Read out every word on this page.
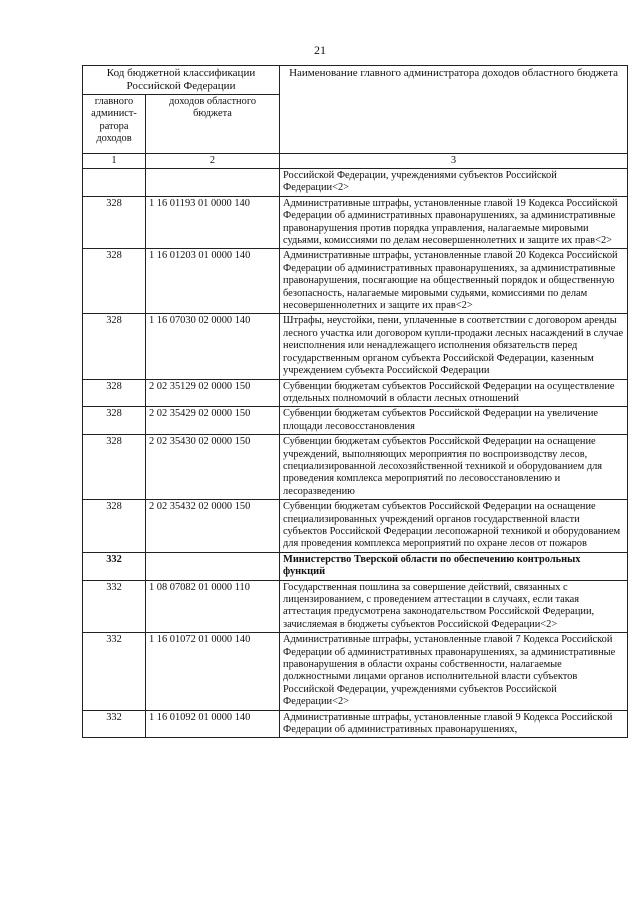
21
Код бюджетной классификации Российской Федерации		Наименование главного администратора доходов областного бюджета
главного админист-ратора доходов	доходов областного бюджета	
1	2	3
		Российской Федерации, учреждениями субъектов Российской Федерации<2>
328	1 16 01193 01 0000 140	Административные штрафы, установленные главой 19 Кодекса Российской Федерации об административных правонарушениях, за административные правонарушения против порядка управления, налагаемые мировыми судьями, комиссиями по делам несовершеннолетних и защите их прав<2>
328	1 16 01203 01 0000 140	Административные штрафы, установленные главой 20 Кодекса Российской Федерации об административных правонарушениях, за административные правонарушения, посягающие на общественный порядок и общественную безопасность, налагаемые мировыми судьями, комиссиями по делам несовершеннолетних и защите их прав<2>
328	1 16 07030 02 0000 140	Штрафы, неустойки, пени, уплаченные в соответствии с договором аренды лесного участка или договором купли-продажи лесных насаждений в случае неисполнения или ненадлежащего исполнения обязательств перед государственным органом субъекта Российской Федерации, казенным учреждением субъекта Российской Федерации
328	2 02 35129 02 0000 150	Субвенции бюджетам субъектов Российской Федерации на осуществление отдельных полномочий в области лесных отношений
328	2 02 35429 02 0000 150	Субвенции бюджетам субъектов Российской Федерации на увеличение площади лесовосстановления
328	2 02 35430 02 0000 150	Субвенции бюджетам субъектов Российской Федерации на оснащение учреждений, выполняющих мероприятия по воспроизводству лесов, специализированной лесохозяйственной техникой и оборудованием для проведения комплекса мероприятий по лесовосстановлению и лесоразведению
328	2 02 35432 02 0000 150	Субвенции бюджетам субъектов Российской Федерации на оснащение специализированных учреждений органов государственной власти субъектов Российской Федерации лесопожарной техникой и оборудованием для проведения комплекса мероприятий по охране лесов от пожаров
332		Министерство Тверской области по обеспечению контрольных функций
332	1 08 07082 01 0000 110	Государственная пошлина за совершение действий, связанных с лицензированием, с проведением аттестации в случаях, если такая аттестация предусмотрена законодательством Российской Федерации, зачисляемая в бюджеты субъектов Российской Федерации<2>
332	1 16 01072 01 0000 140	Административные штрафы, установленные главой 7 Кодекса Российской Федерации об административных правонарушениях, за административные правонарушения в области охраны собственности, налагаемые должностными лицами органов исполнительной власти субъектов Российской Федерации, учреждениями субъектов Российской Федерации<2>
332	1 16 01092 01 0000 140	Административные штрафы, установленные главой 9 Кодекса Российской Федерации об административных правонарушениях,
